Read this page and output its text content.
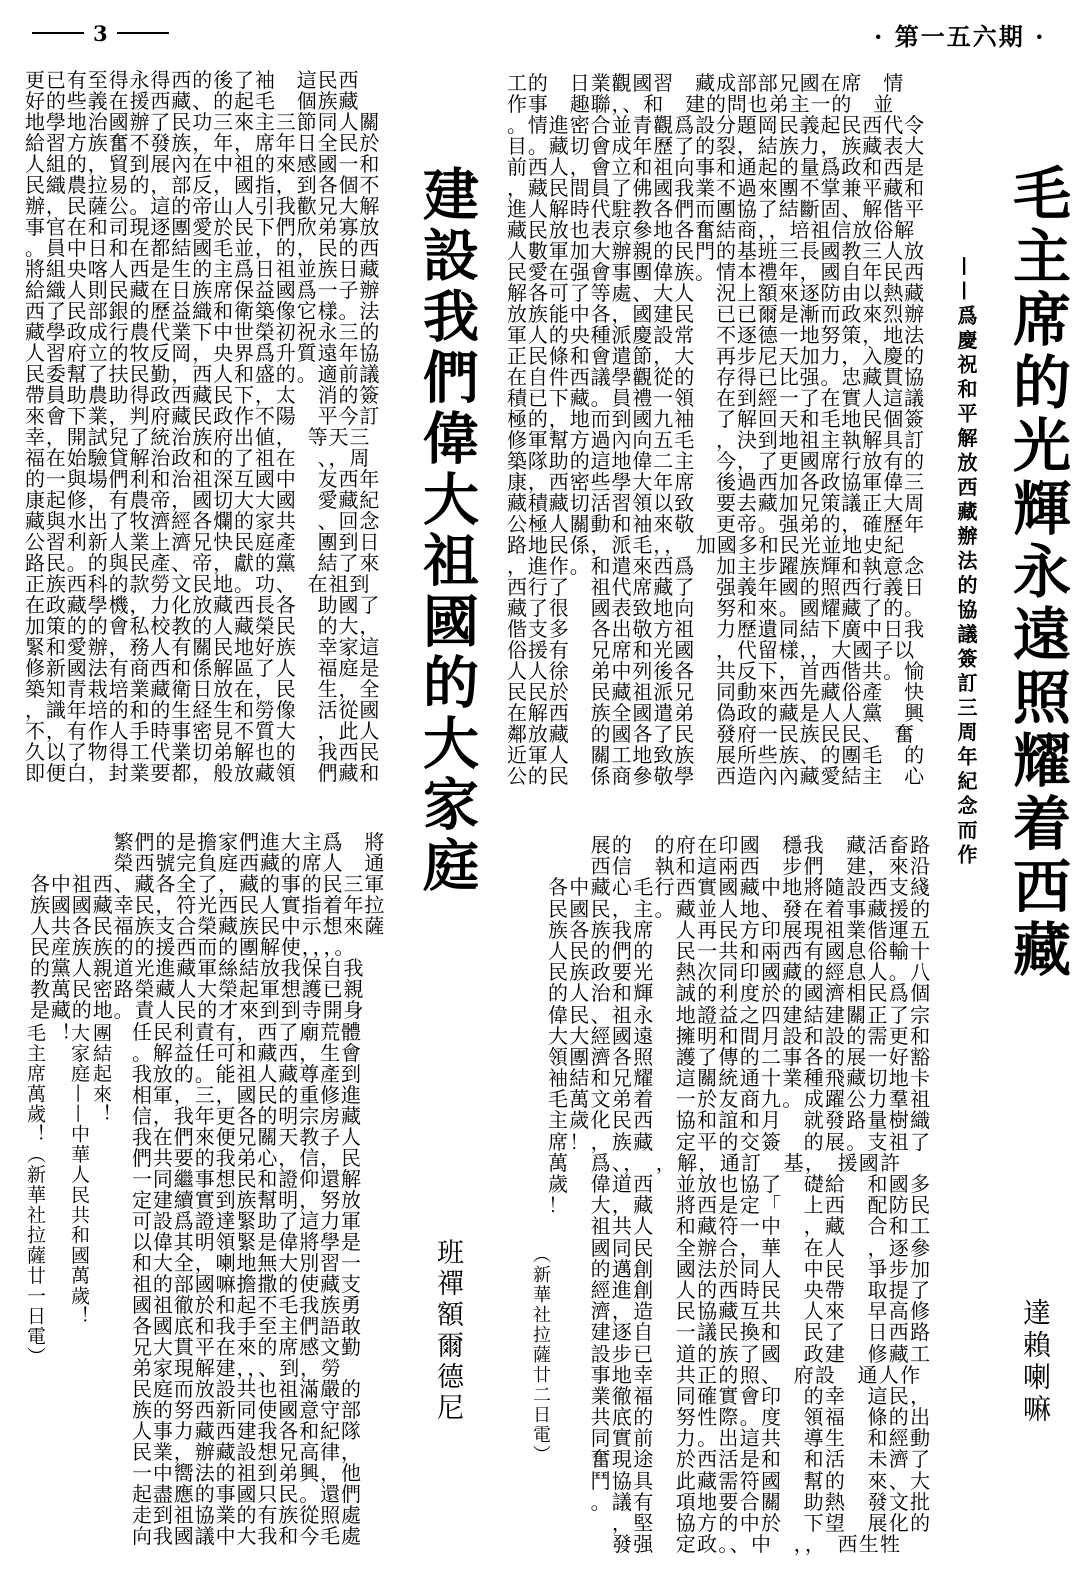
3	· 第一五六期 ·
毛主席的光輝永遠照耀着西藏
——爲慶祝和平解放西藏辦法的協議簽訂三周年紀念而作
工的　日業觀國習　藏成部部兄國在席　情
作事　趣聯，、和　建的問也弟主一的　並
。情進密合並青觀爲設分題岡民義起民西代令
目。藏切會成年歷了的裂，結族力，族藏表大
前西人，會立和祖向事和通起的量爲政和西是
，藏民間員了佛國我業不過來團不掌兼平藏和
進人解時代駐教各們而團協了結斷固、解偕平
藏民放也表京參地各奮結商，，培祖信放俗解
人數軍加大辦親的民門的基班三長國教三人放
民愛在强會事團偉族。情本禮年，國自年民西
解各可了等處、大人　況上額來逐防由以熱藏
放族能中各，國建民　已已爾是漸而政來烈辦
軍人的央種派慶設常　不逐德一地努策，地法
正民條和會遣節，大　再步尼天加力，入慶的
在自件西議學觀從的　存得已比强。忠藏貫協
積已下藏。員禮一領　在到經一了在實人這議
極的，地而到國九袖　了解回天和毛地民個簽
修軍幫方過內向五毛　，決到地祖主執解具訂
築隊助的這地偉二主　今，了更國席行放有的
康，西密些學大年席　後過西加各政協軍偉三
藏積藏切活習領以致　要去藏加兄策議正大周
公極人關動和袖來敬　更帝。强弟的，確歷年
路地民係，派毛，，　加國多和民光並地史紀
，進作。和遣來西爲　加主步躍族輝和執意念
西行了　祖代席藏了　强義年國的照西行義日
藏了很　國表致地向　努和來。國耀藏了的。
偕支多　各出敬方祖　力歷遺同結下廣中日我
俗援有　兄席和光國　，代留樣，，大國子以
人人徐　弟中列後各　共反下，首西偕共。愉
民民於　民藏祖派兄　同動來西先藏俗產　快
在解西　族全國遣弟　偽政的藏是人人黨　興
鄰放藏　的國各了民　發府一民族民民、　奮
近軍人　關工地致族　展所些族、的團毛　的
公的民　係商參敬學　西造內內藏愛結主　心
　　展的　的府在印國　穩我　藏活畜路
　　西信　執和這兩西　步們　建，來沿
各中藏心毛行西實國藏中地將隨設西支綫
民國民，主。藏並人地、發在着事藏援的
族各族我席　人再民方印展現祖業偕運五
人民的們的　民一共和兩西有國息俗輸十
民族政要光　熱次同印國藏的經息人。八
的人治和輝　誠的利度於的國濟相民爲個
偉民、祖永　地證益之四建結建關正了宗
大大經國遠　擁明和間月設和設的需更和
領團濟各照　護了傳的二事各的展一好豁
袖結和兄耀　這關統通十業種飛藏切地卡
毛萬文弟着　一於友商九。成躍公力羣祖
主歲化民西　協和誼和月　就發路量樹織
席！，族藏　定平的交簽　的展。支祖了
萬　爲、，　，解，通訂　基，　援國許
歲　偉道西　並放也協了　礎給　和國多
！　大，藏　將西是定「　上西　配防民
　　祖共人　和藏符一中　，藏　合和工
　　國同民　全辦合，華　在人　，逐參
　　的邁創　國法於同人　中民　爭步加
　　經進創　人的西時民　央帶　取提了
　　濟，造　民協藏互共　人來　早高修
　　建逐自　一議民換和　民了　日西路
　　設步已　道的族了國　政建　修藏工
　　事地幸　共正的照、　府設　通人作
　　業徹福　同確實會印　的幸　這民，
　　共底的　努性際。度　領福　條的出
　　同實前　力。出這共　導生　和經動
　　奮現途　於西活是和　和活　未濟了
　　鬥協具　此藏需符國　幫的　來、大
　　。議有　項地要合關　助熱　發文批
　　　，堅　協方的中於　下望　展化的
　　　發强　定政。、中　，，　西生牲
（新華社拉薩廿二日電）	達賴喇嘛
建設我們偉大祖國的大家庭
更已有至得永得西的後了袖　這民西
好的些義在援西藏、的起毛　個族藏
地學地治國辦了民功三來主三節同人關
給習方族奮不發族，年，席年日全民於
人組的，貿到展內在中祖的來感國一和
民織農拉易的，部反，國指，到各個不
辦，民薩公。這的帝山人引我歡兄大解
事官在和司現逐團愛於民下們欣弟寡放
。員中日和在都結國毛並，的，民的西
將組央喀人西是生的主爲日祖並族日藏
給織人則民藏在日族席保益國爲一子辦
西了民部銀的歷益織和衛築像它樣。法
藏學政成行農代業下中世榮初祝永三的
人習府立的牧反岡，央界爲升質遠年協
民委幫了扶民勤，西人和盛的。適前議
帶員助農助得政西藏民下，太　消的簽
來會下業，判府藏民政作不陽　平今訂
幸，開試兒了統治族府出値，　等天三
福在始驗貸解治政和的了祖在　、，周
的一與場們利和治祖深互國中　友西年
康起修，有農帝，國切大大國　愛藏紀
藏與水出了牧濟經各爛的家共　、回念
公習利新人業上濟兄快民庭產　團到日
路民。的與民產、帝，獻的黨　結了來
正族西科的款勞文民地。功、　在祖到
在政藏學機，力化放藏西長各　助國了
加策的的會私校教的人藏榮民　的大，
緊和愛辦，務人有關民地好族　幸家這
修新國法有商西和係解區了人　福庭是
築知青栽培業藏衛日放在，民　生，全
，識年培的和的生経生和勞像　活從國
不，有作人手時事密見不質大　，此人
久以了物得工代業切弟解也的　我西民
即便白，封業要都，般放藏領　們藏和
　　　　繁們的是擔家們進大主爲　將
　　　　榮西號完負庭西藏的席人　通
各中祖西、藏各全了，藏的事的民三軍
族國國藏幸民，符光西民人實指着年拉
人共各民福族支合榮藏族民中示想來薩
民産族族的的援西而的團解使，，，。
的黨人親道光進藏軍絲結放我保自我
教萬民密路榮藏人大榮起軍想護已親
是藏的地。責人民的才來到到寺開身
任民利責有，西了廟荒體
。解益任可和藏西，生會
我放的。能祖人藏尊產到
相軍，三，國民的重修進
信，我年更各的明宗房藏
我在們來便兄關天教子人
們共要的我弟心，信，民
一同繼事想民和證仰還解
定建續實到族幫明，努放
可設爲證達緊助了這力軍
以偉其明領緊是偉將學是
和大全，喇地無大別習一
祖的部國嘛擔撒的使藏支
國祖徹於和起不毛我族勇
各國底和我手至主們語敢
兄大貫平在來的席感文勤
弟家現解建，，、到，勞
民庭而放設共也祖滿嚴的
族的努西新同使國意守部
人事力藏西建我各和紀隊
民業，辦藏設想兄高律，
一中嚮法的祖到弟興，他
起盡應的事國只民。還們
走到祖協業的有族從照處
向我國議中大我和今毛處
毛主席萬歲！（新華社拉薩廿一日電）
！
大家庭——中華人民共和國萬歲！ 團結起來！
班禪額爾德尼
